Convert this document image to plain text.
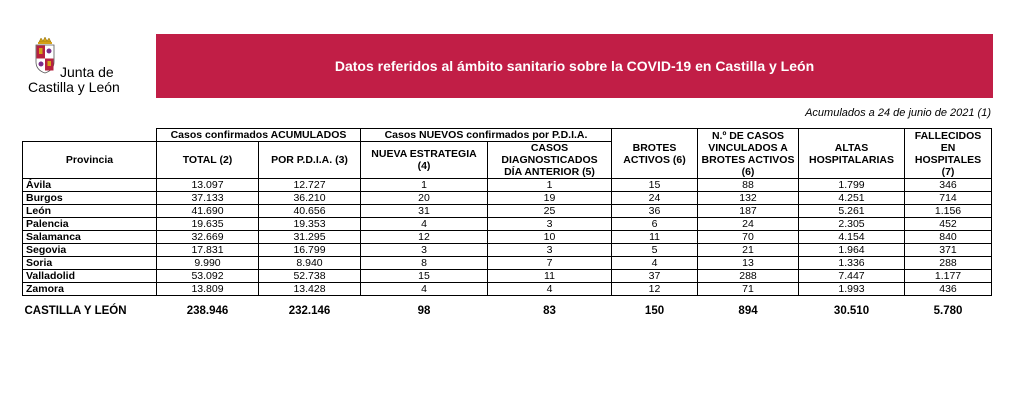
Junta de
Castilla y León
Datos referidos al ámbito sanitario sobre la COVID-19 en Castilla y León
Acumulados a 24 de junio de 2021 (1)
	Casos confirmados ACUMULADOS		Casos NUEVOS confirmados por P.D.I.A.		BROTES ACTIVOS (6)	N.º DE CASOS VINCULADOS A BROTES ACTIVOS (6)	ALTAS HOSPITALARIAS	FALLECIDOS EN HOSPITALES (7)
Provincia	TOTAL (2)	POR P.D.I.A. (3)	NUEVA ESTRATEGIA (4)	CASOS DIAGNOSTICADOS DÍA ANTERIOR (5)				
Ávila	13.097	12.727	1	1	15	88	1.799	346
Burgos	37.133	36.210	20	19	24	132	4.251	714
León	41.690	40.656	31	25	36	187	5.261	1.156
Palencia	19.635	19.353	4	3	6	24	2.305	452
Salamanca	32.669	31.295	12	10	11	70	4.154	840
Segovia	17.831	16.799	3	3	5	21	1.964	371
Soria	9.990	8.940	8	7	4	13	1.336	288
Valladolid	53.092	52.738	15	11	37	288	7.447	1.177
Zamora	13.809	13.428	4	4	12	71	1.993	436
CASTILLA Y LEÓN	238.946	232.146	98	83	150	894	30.510	5.780
